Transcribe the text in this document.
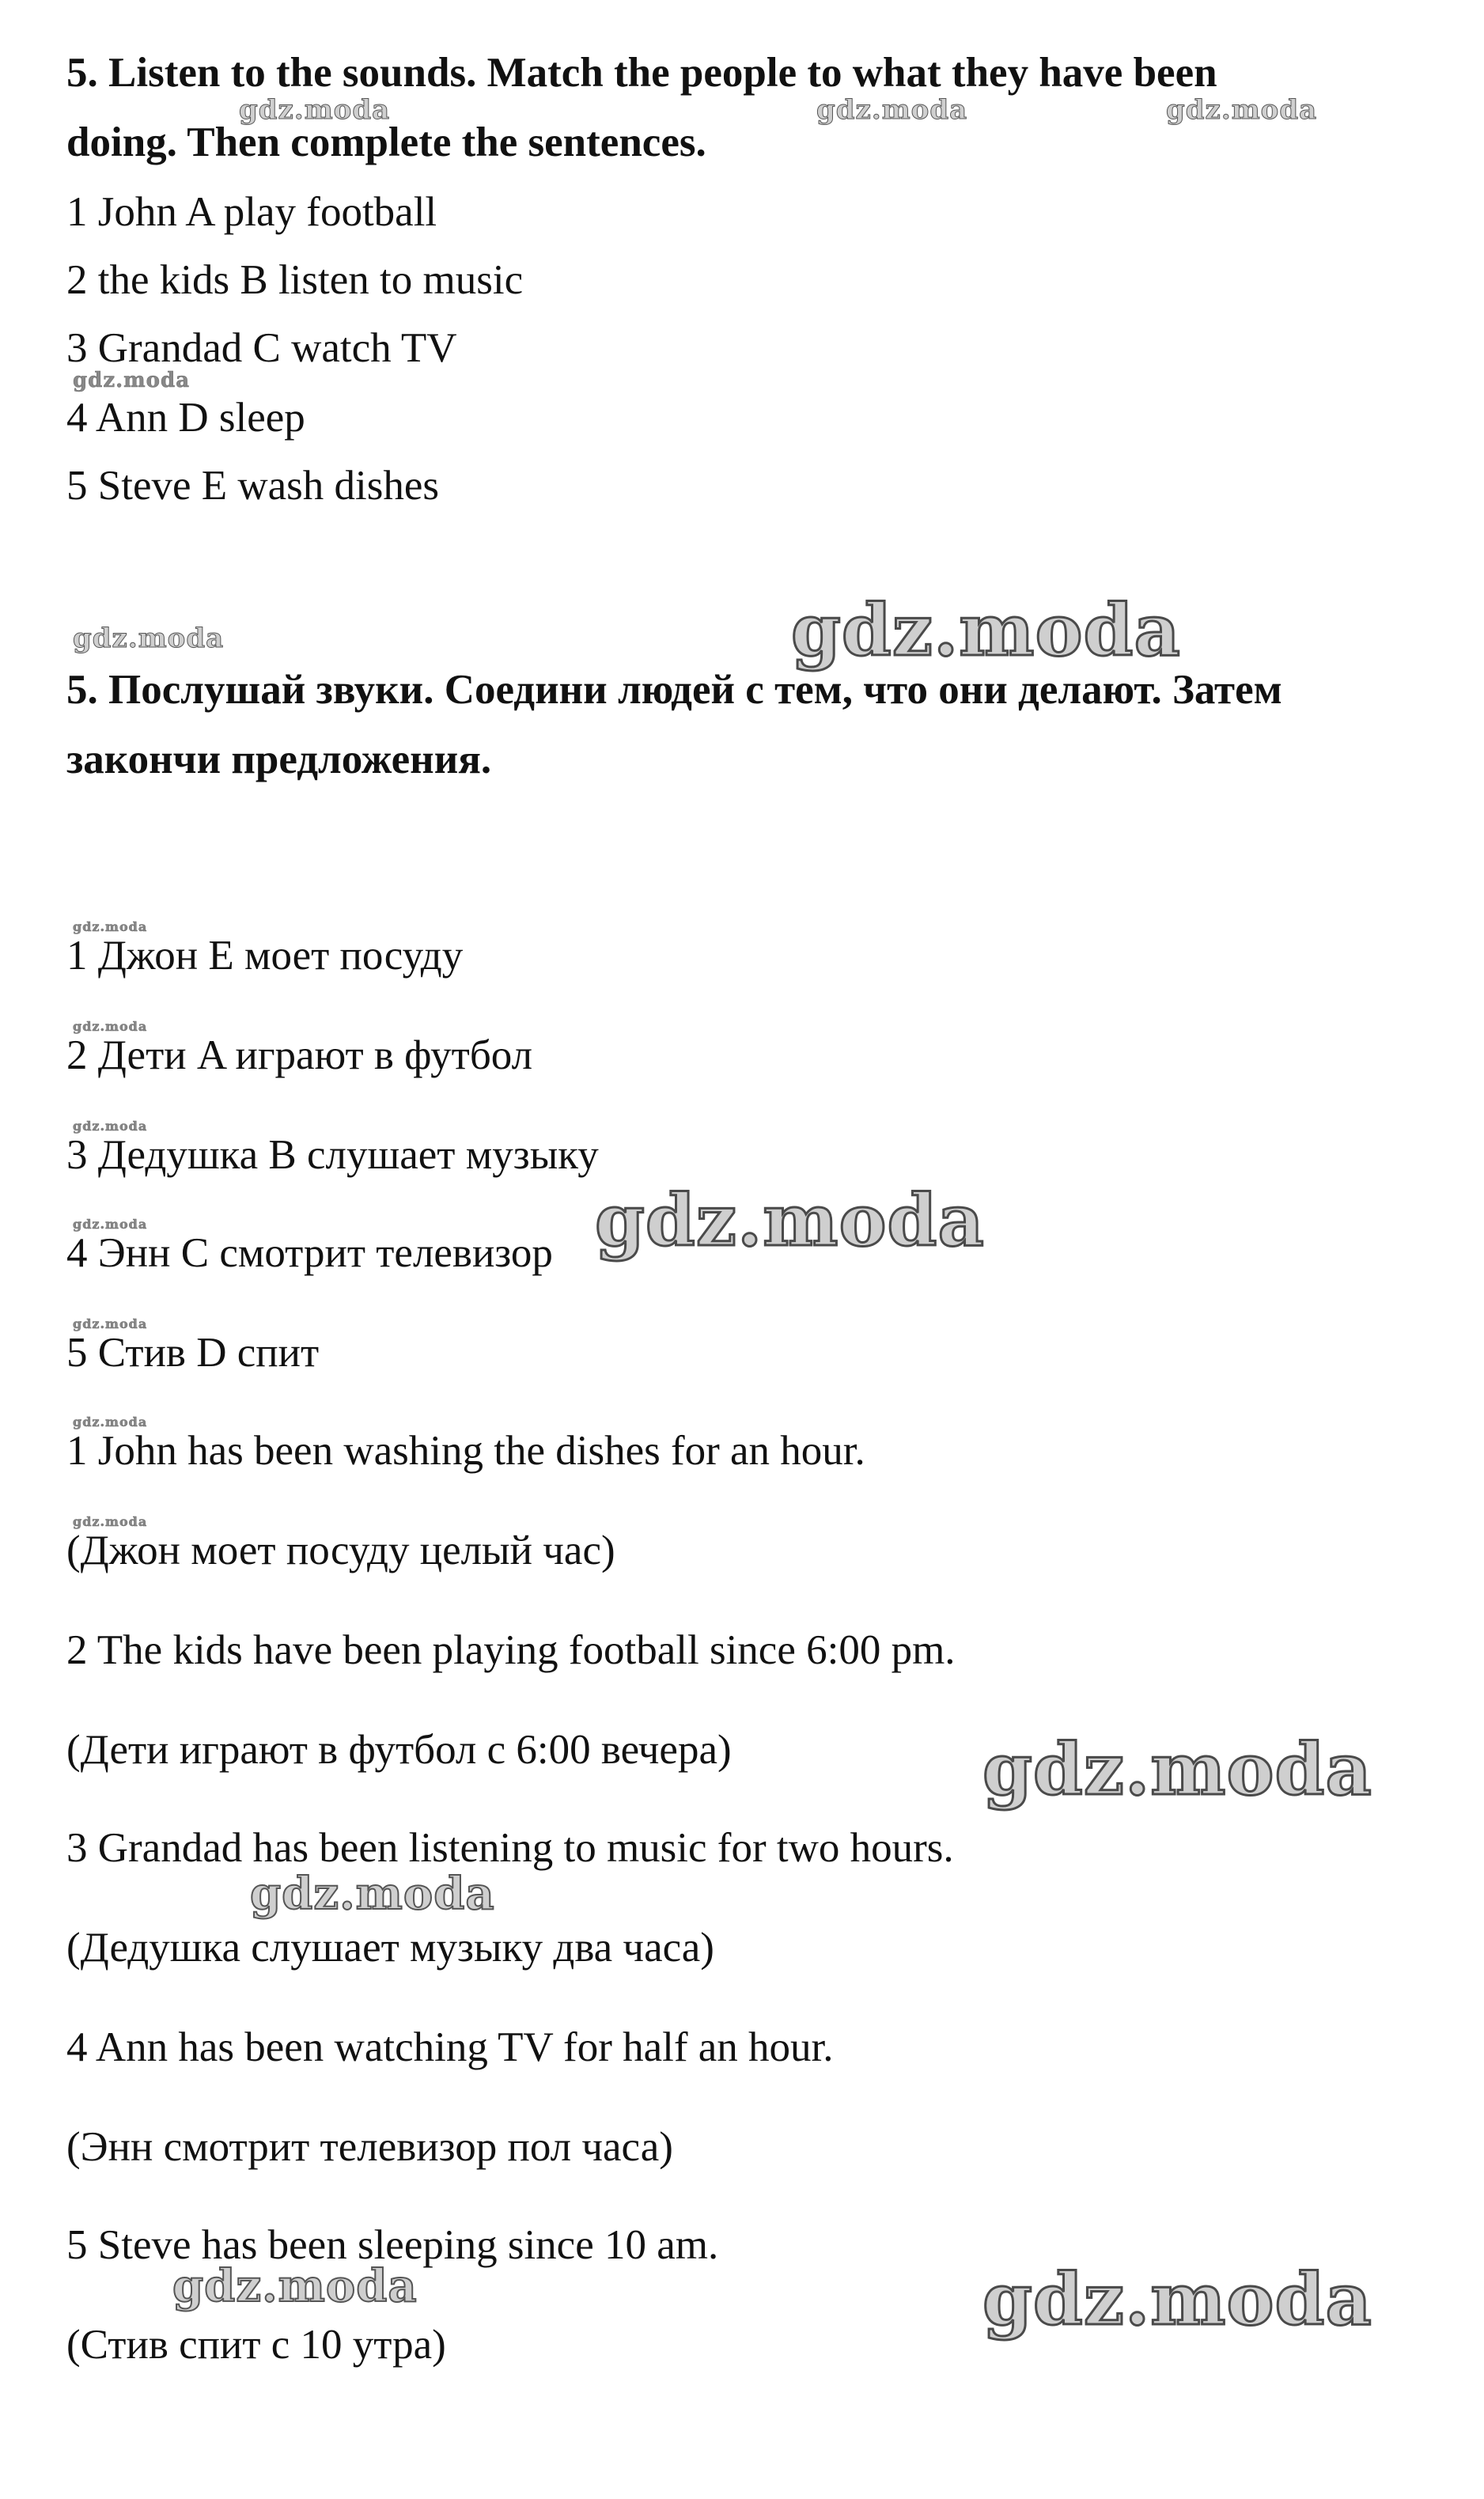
gdz.moda	gdz.moda	gdz.moda
gdz.moda
gdz.moda	gdz.moda
gdz.moda
gdz.moda
gdz.moda
gdz.moda	gdz.moda
gdz.moda
gdz.moda
gdz.moda
gdz.moda
gdz.moda
gdz.moda	gdz.moda
5. Listen to the sounds. Match the people to what they have been
doing. Then complete the sentences.
1 John A play football
2 the kids B listen to music
3 Grandad C watch TV
4 Ann D sleep
5 Steve E wash dishes
5. Послушай звуки. Соедини людей с тем, что они делают. Затем
закончи предложения.
1 Джон E моет посуду
2 Дети A играют в футбол
3 Дедушка B слушает музыку
4 Энн C смотрит телевизор
5 Стив D спит
1 John has been washing the dishes for an hour.
(Джон моет посуду целый час)
2 The kids have been playing football since 6:00 pm.
(Дети играют в футбол с 6:00 вечера)
3 Grandad has been listening to music for two hours.
(Дедушка слушает музыку два часа)
4 Ann has been watching TV for half an hour.
(Энн смотрит телевизор пол часа)
5 Steve has been sleeping since 10 am.
(Стив спит с 10 утра)
